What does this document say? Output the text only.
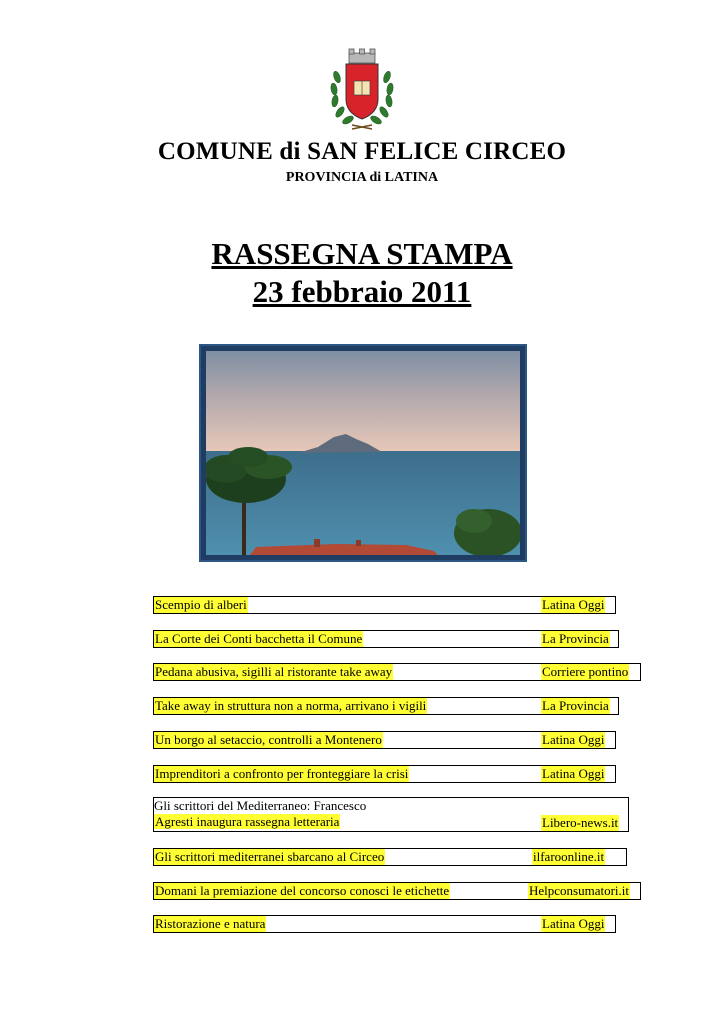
COMUNE di SAN FELICE CIRCEO
PROVINCIA di LATINA
RASSEGNA STAMPA
23 febbraio 2011
Scempio di alberi	Latina Oggi
La Corte dei Conti bacchetta il Comune	La Provincia
Pedana abusiva, sigilli al ristorante take away	Corriere pontino
Take away in struttura non a norma, arrivano i vigili	La Provincia
Un borgo al setaccio, controlli a Montenero	Latina Oggi
Imprenditori a confronto per fronteggiare la crisi	Latina Oggi
Gli scrittori del Mediterraneo: Francesco
Agresti inaugura rassegna letteraria	Libero-news.it
Gli scrittori mediterranei sbarcano al Circeo	ilfaroonline.it
Domani la premiazione del concorso conosci le etichette	Helpconsumatori.it
Ristorazione e natura	Latina Oggi
